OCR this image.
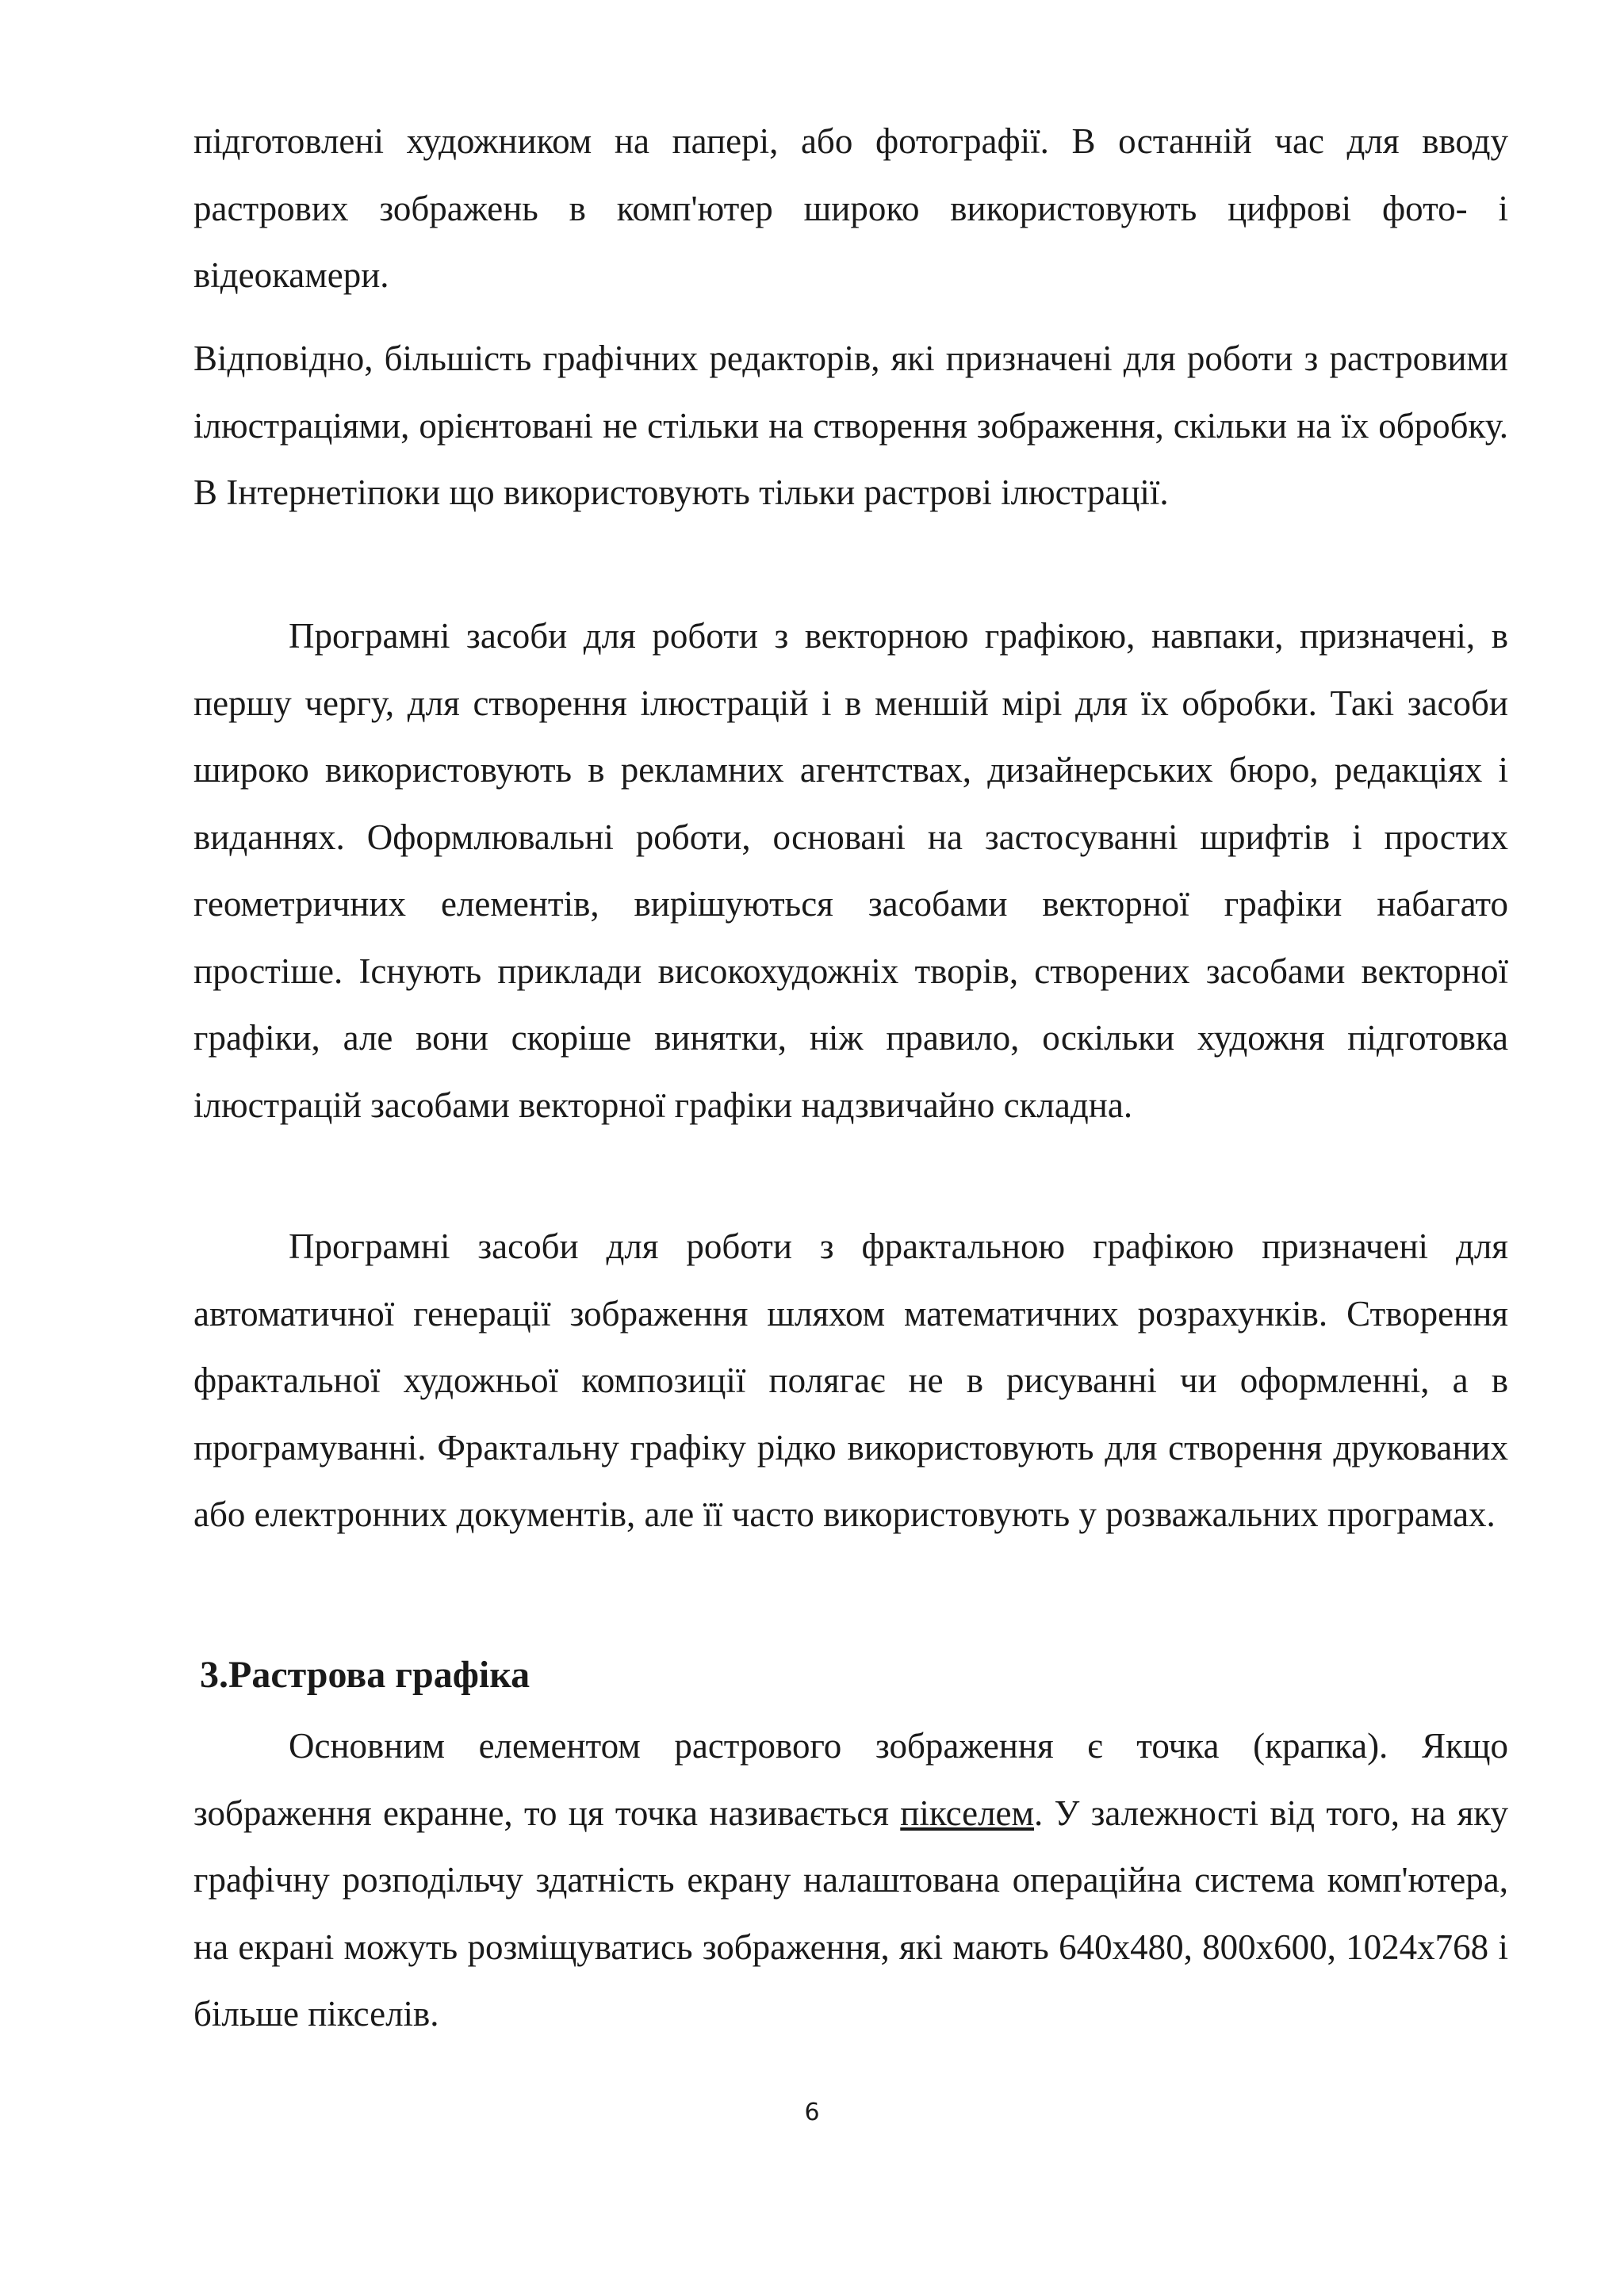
підготовлені художником на папері, або фотографії. В останній час для вводу растрових зображень в комп'ютер широко використовують цифрові фото- і відеокамери.

Відповідно, більшість графічних редакторів, які призначені для роботи з растровими ілюстраціями, орієнтовані не стільки на створення зображення, скільки на їх обробку. В Інтернетіпоки що використовують тільки растрові ілюстрації.

Програмні засоби для роботи з векторною графікою, навпаки, призначені, в першу чергу, для створення ілюстрацій і в меншій мірі для їх обробки. Такі засоби широко використовують в рекламних агентствах, дизайнерських бюро, редакціях і виданнях. Оформлювальні роботи, основані на застосуванні шрифтів і простих геометричних елементів, вирішуються засобами векторної графіки набагато простіше. Існують приклади високохудожніх творів, створених засобами векторної графіки, але вони скоріше винятки, ніж правило, оскільки художня підготовка ілюстрацій засобами векторної графіки надзвичайно складна.

Програмні засоби для роботи з фрактальною графікою призначені для автоматичної генерації зображення шляхом математичних розрахунків. Створення фрактальної художньої композиції полягає не в рисуванні чи оформленні, а в програмуванні. Фрактальну графіку рідко використовують для створення друкованих або електронних документів, але її часто використовують у розважальних програмах.

3.Растрова графіка

Основним елементом растрового зображення є точка (крапка). Якщо зображення екранне, то ця точка називається пікселем. У залежності від того, на яку графічну розподільчу здатність екрану налаштована операційна система комп'ютера, на екрані можуть розміщуватись зображення, які мають 640х480, 800х600, 1024х768 і більше пікселів.

6
